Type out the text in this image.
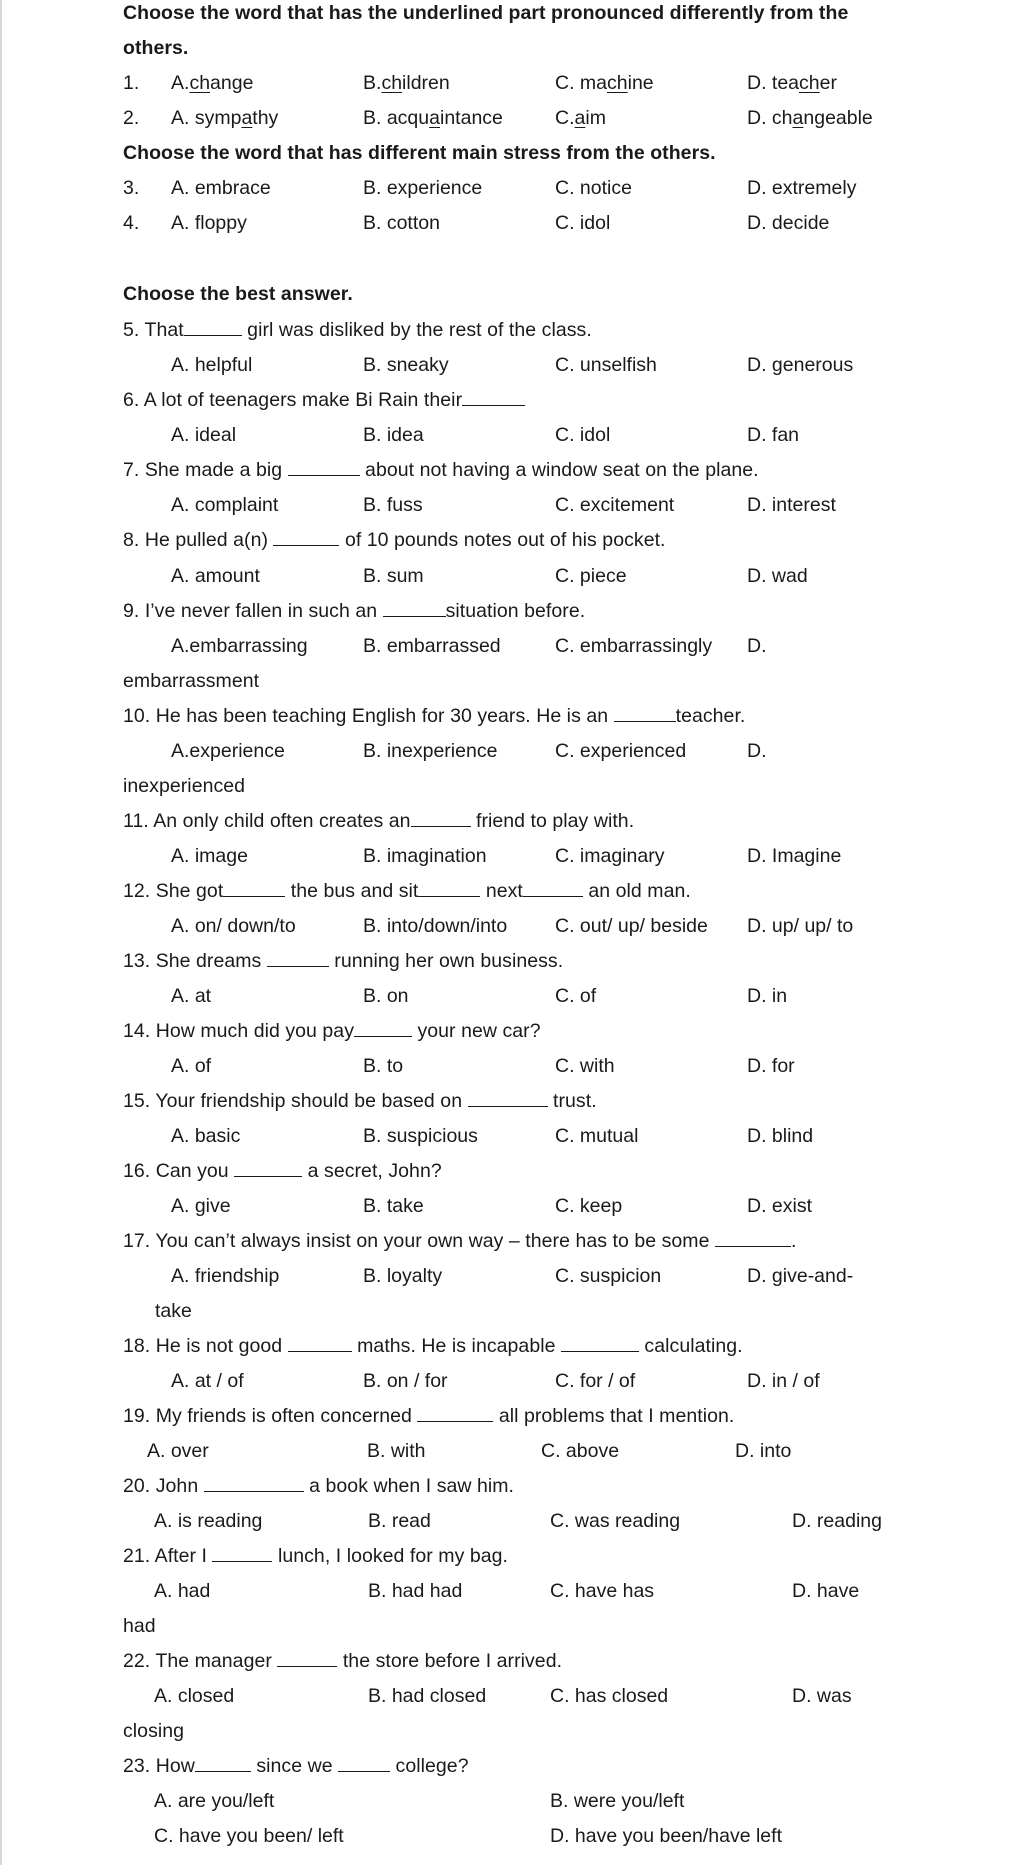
Choose the word that has the underlined part pronounced differently from the
others.
1. A.change	B.children	C. machine	D. teacher
2. A. sympathy	B. acquaintance	C.aim	D. changeable
Choose the word that has different main stress from the others.
3. A. embrace	B. experience	C. notice	D. extremely
4. A. floppy	B. cotton	C. idol	D. decide
Choose the best answer.
5. That	girl was disliked by the rest of the class.
A. helpful	B. sneaky	C. unselfish	D. generous
6. A lot of teenagers make Bi Rain their
A. ideal	B. idea	C. idol	D. fan
7. She made a big	about not having a window seat on the plane.
A. complaint	B. fuss	C. excitement	D. interest
8. He pulled a(n)	of 10 pounds notes out of his pocket.
A. amount	B. sum	C. piece	D. wad
9. I’ve never fallen in such an	situation before.
A.embarrassing	B. embarrassed	C. embarrassingly D.
embarrassment
10. He has been teaching English for 30 years. He is an	teacher.
A.experience	B. inexperience	C. experienced	D.
inexperienced
11. An only child often creates an	friend to play with.
A. image	B. imagination	C. imaginary	D. Imagine
12. She got	the bus and sit	next	an old man.
A. on/ down/to	B. into/down/into C. out/ up/ beside D. up/ up/ to
13. She dreams	running her own business.
A. at	B. on	C. of	D. in
14. How much did you pay	your new car?
A. of	B. to	C. with	D. for
15. Your friendship should be based on	trust.
A. basic	B. suspicious	C. mutual	D. blind
16. Can you	a secret, John?
A. give	B. take	C. keep	D. exist
17. You can’t always insist on your own way – there has to be some	.
A. friendship	B. loyalty	C. suspicion	D. give-and-
take
18. He is not good	maths. He is incapable	calculating.
A. at / of	B. on / for	C. for / of	D. in / of
19. My friends is often concerned	all problems that I mention.
A. over	B. with	C. above	D. into
20. John	a book when I saw him.
A. is reading	B. read	C. was reading	D. reading
21. After I	lunch, I looked for my bag.
A. had	B. had had	C. have has	D. have
had
22. The manager	the store before I arrived.
A. closed	B. had closed	C. has closed	D. was
closing
23. How	since we	college?
A. are you/left	B. were you/left
C. have you been/ left	D. have you been/have left
